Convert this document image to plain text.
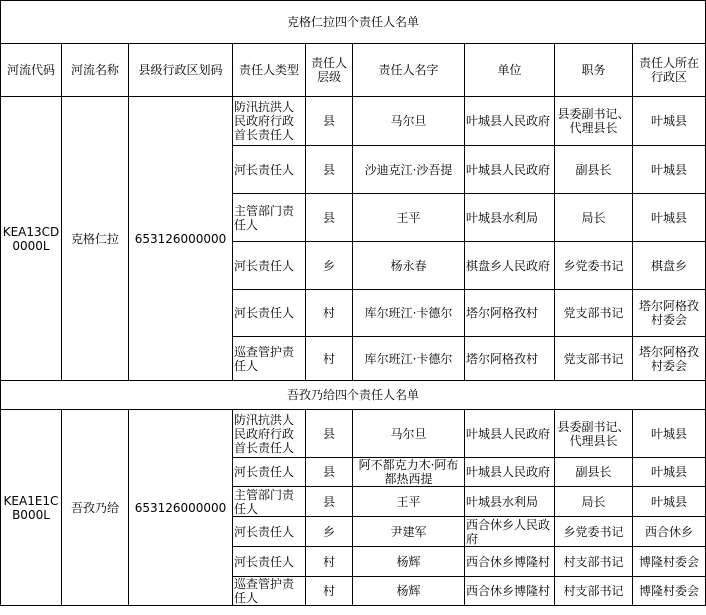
克格仁拉四个责任人名单								
河流代码	河流名称	县级行政区划码	责任人类型	责任人层级	责任人名字	单位	职务	责任人所在行政区
KEA13CD0000L	克格仁拉	653126000000	防汛抗洪人民政府行政首长责任人	县	马尔旦	叶城县人民政府	县委副书记、代理县长	叶城县
			河长责任人	县	沙迪克江·沙吾提	叶城县人民政府	副县长	叶城县
			主管部门责任人	县	王平	叶城县水利局	局长	叶城县
			河长责任人	乡	杨永春	棋盘乡人民政府	乡党委书记	棋盘乡
			河长责任人	村	库尔班江·卡德尔	塔尔阿格孜村	党支部书记	塔尔阿格孜村委会
			巡查管护责任人	村	库尔班江·卡德尔	塔尔阿格孜村	党支部书记	塔尔阿格孜村委会
吾孜乃给四个责任人名单								
KEA1E1CB000L	吾孜乃给	653126000000	防汛抗洪人民政府行政首长责任人	县	马尔旦	叶城县人民政府	县委副书记、代理县长	叶城县
			河长责任人	县	阿不都克力木·阿布都热西提	叶城县人民政府	副县长	叶城县
			主管部门责任人	县	王平	叶城县水利局	局长	叶城县
			河长责任人	乡	尹建军	西合休乡人民政府	乡党委书记	西合休乡
			河长责任人	村	杨辉	西合休乡博隆村	村支部书记	博隆村委会
			巡查管护责任人	村	杨辉	西合休乡博隆村	村支部书记	博隆村委会
